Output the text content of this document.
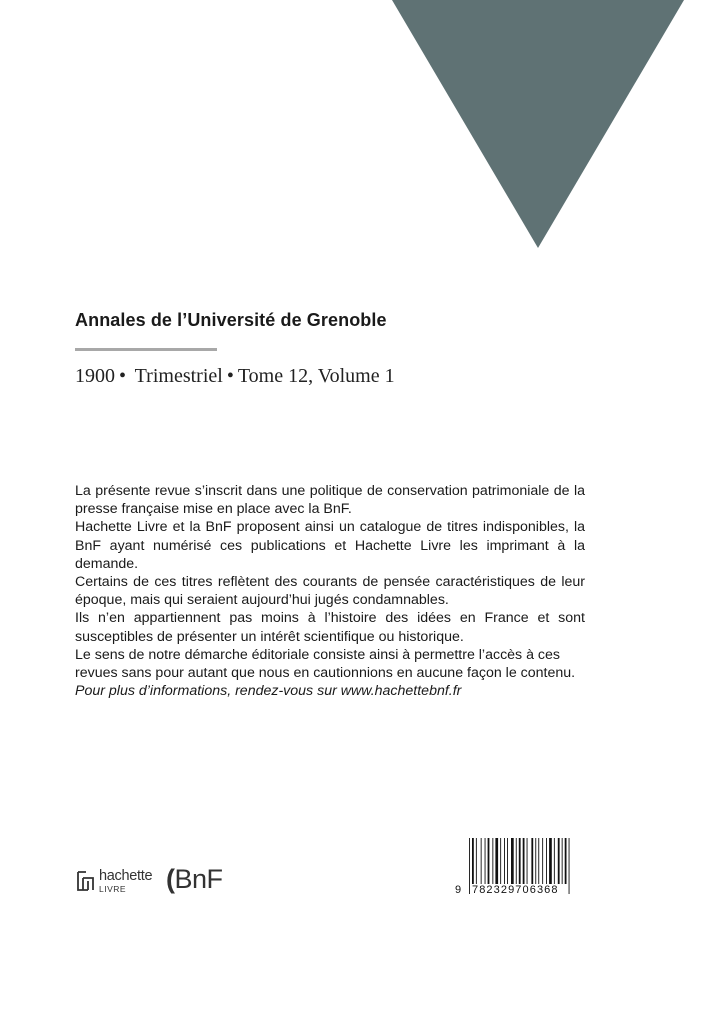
Annales de l’Université de Grenoble

1900 • Trimestriel • Tome 12, Volume 1

La présente revue s’inscrit dans une politique de conservation patrimoniale de la presse française mise en place avec la BnF.

Hachette Livre et la BnF proposent ainsi un catalogue de titres indisponibles, la BnF ayant numérisé ces publications et Hachette Livre les imprimant à la demande.

Certains de ces titres reflètent des courants de pensée caractéristiques de leur époque, mais qui seraient aujourd’hui jugés condamnables.

Ils n’en appartiennent pas moins à l’histoire des idées en France et sont susceptibles de présenter un intérêt scientifique ou historique.

Le sens de notre démarche éditoriale consiste ainsi à permettre l’accès à ces revues sans pour autant que nous en cautionnions en aucune façon le contenu.

Pour plus d’informations, rendez-vous sur www.hachettebnf.fr

hachette
LIVRE	(BnF	9 782329706368
